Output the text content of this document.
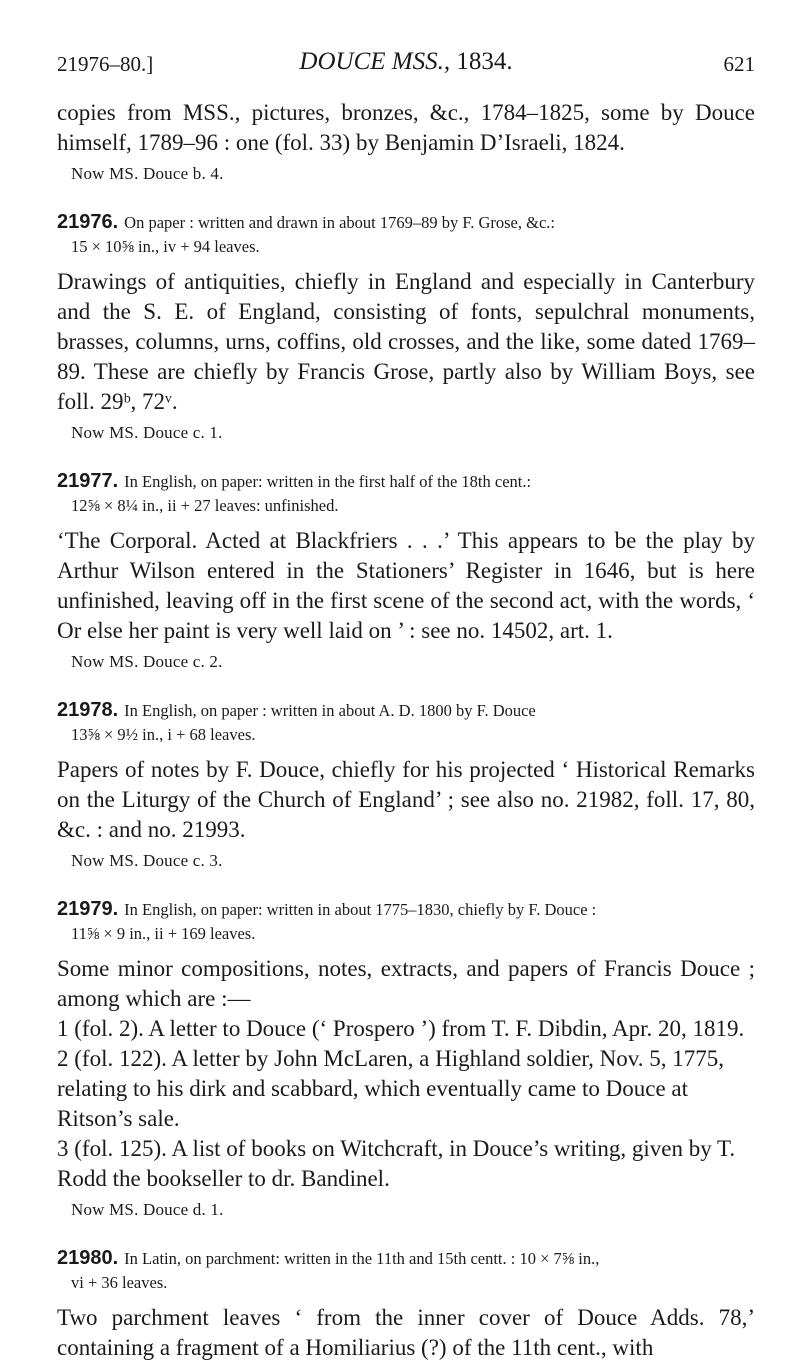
21976–80.]	DOUCE MSS., 1834.	621

copies from MSS., pictures, bronzes, &c., 1784–1825, some by Douce himself, 1789–96 : one (fol. 33) by Benjamin D’Israeli, 1824.

Now MS. Douce b. 4.

21976. On paper : written and drawn in about 1769–89 by F. Grose, &c.:
15 × 10⅝ in., iv + 94 leaves.

Drawings of antiquities, chiefly in England and especially in Canterbury and the S. E. of England, consisting of fonts, sepulchral monuments, brasses, columns, urns, coffins, old crosses, and the like, some dated 1769–89. These are chiefly by Francis Grose, partly also by William Boys, see foll. 29ᵇ, 72ᵛ.

Now MS. Douce c. 1.

21977. In English, on paper: written in the first half of the 18th cent.:
12⅝ × 8¼ in., ii + 27 leaves: unfinished.

‘The Corporal. Acted at Blackfriers . . .’ This appears to be the play by Arthur Wilson entered in the Stationers’ Register in 1646, but is here unfinished, leaving off in the first scene of the second act, with the words, ‘ Or else her paint is very well laid on ’ : see no. 14502, art. 1.

Now MS. Douce c. 2.

21978. In English, on paper : written in about A. D. 1800 by F. Douce
13⅝ × 9½ in., i + 68 leaves.

Papers of notes by F. Douce, chiefly for his projected ‘ Historical Remarks on the Liturgy of the Church of England’ ; see also no. 21982, foll. 17, 80, &c. : and no. 21993.

Now MS. Douce c. 3.

21979. In English, on paper: written in about 1775–1830, chiefly by F. Douce :
11⅝ × 9 in., ii + 169 leaves.

Some minor compositions, notes, extracts, and papers of Francis Douce ; among which are :—

1 (fol. 2). A letter to Douce (‘ Prospero ’) from T. F. Dibdin, Apr. 20, 1819.

2 (fol. 122). A letter by John McLaren, a Highland soldier, Nov. 5, 1775, relating to his dirk and scabbard, which eventually came to Douce at Ritson’s sale.

3 (fol. 125). A list of books on Witchcraft, in Douce’s writing, given by T. Rodd the bookseller to dr. Bandinel.

Now MS. Douce d. 1.

21980. In Latin, on parchment: written in the 11th and 15th centt. : 10 × 7⅝ in.,
vi + 36 leaves.

Two parchment leaves ‘ from the inner cover of Douce Adds. 78,’ containing a fragment of a Homiliarius (?) of the 11th cent., with
